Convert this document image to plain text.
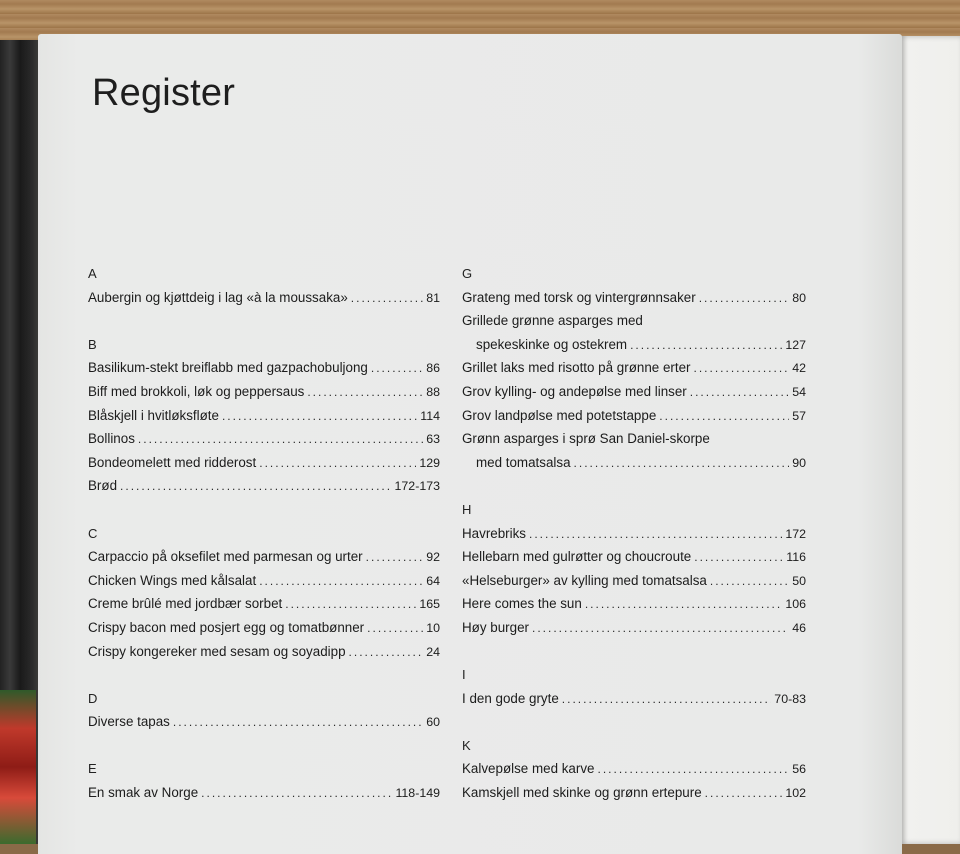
Register
A
Aubergin og kjøttdeig i lag «à la moussaka» .....	81
B
Basilikum-stekt breiflabb med gazpachobuljong .....	86
Biff med brokkoli, løk og peppersaus .....	88
Blåskjell i hvitløksfløte .....	114
Bollinos .....	63
Bondeomelett med ridderost .....	129
Brød .....	172-173
C
Carpaccio på oksefilet med parmesan og urter .....	92
Chicken Wings med kålsalat .....	64
Creme brûlé med jordbær sorbet .....	165
Crispy bacon med posjert egg og tomatbønner .....	10
Crispy kongereker med sesam og soyadipp .....	24
D
Diverse tapas .....	60
E
En smak av Norge .....	118-149
G
Grateng med torsk og vintergrønnsaker .....	80
Grillede grønne asparges med
spekeskinke og ostekrem .....	127
Grillet laks med risotto på grønne erter .....	42
Grov kylling- og andepølse med linser .....	54
Grov landpølse med potetstappe .....	57
Grønn asparges i sprø San Daniel-skorpe
med tomatsalsa .....	90
H
Havrebriks .....	172
Hellebarn med gulrøtter og choucroute .....	116
«Helseburger» av kylling med tomatsalsa .....	50
Here comes the sun .....	106
Høy burger .....	46
I
I den gode gryte .....	70-83
K
Kalvepølse med karve .....	56
Kamskjell med skinke og grønn ertepure .....	102
